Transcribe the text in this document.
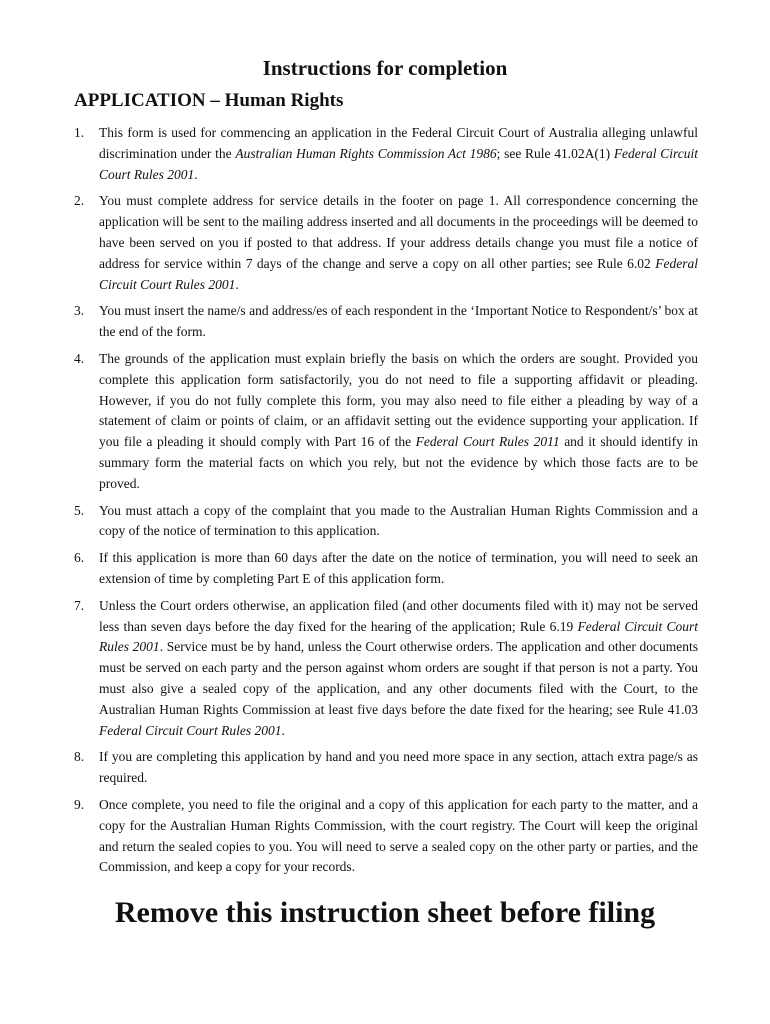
Instructions for completion
APPLICATION – Human Rights
1.	This form is used for commencing an application in the Federal Circuit Court of Australia alleging unlawful discrimination under the Australian Human Rights Commission Act 1986; see Rule 41.02A(1) Federal Circuit Court Rules 2001.
2.	You must complete address for service details in the footer on page 1. All correspondence concerning the application will be sent to the mailing address inserted and all documents in the proceedings will be deemed to have been served on you if posted to that address. If your address details change you must file a notice of address for service within 7 days of the change and serve a copy on all other parties; see Rule 6.02 Federal Circuit Court Rules 2001.
3.	You must insert the name/s and address/es of each respondent in the ‘Important Notice to Respondent/s’ box at the end of the form.
4.	The grounds of the application must explain briefly the basis on which the orders are sought. Provided you complete this application form satisfactorily, you do not need to file a supporting affidavit or pleading. However, if you do not fully complete this form, you may also need to file either a pleading by way of a statement of claim or points of claim, or an affidavit setting out the evidence supporting your application. If you file a pleading it should comply with Part 16 of the Federal Court Rules 2011 and it should identify in summary form the material facts on which you rely, but not the evidence by which those facts are to be proved.
5.	You must attach a copy of the complaint that you made to the Australian Human Rights Commission and a copy of the notice of termination to this application.
6.	If this application is more than 60 days after the date on the notice of termination, you will need to seek an extension of time by completing Part E of this application form.
7.	Unless the Court orders otherwise, an application filed (and other documents filed with it) may not be served less than seven days before the day fixed for the hearing of the application; Rule 6.19 Federal Circuit Court Rules 2001. Service must be by hand, unless the Court otherwise orders. The application and other documents must be served on each party and the person against whom orders are sought if that person is not a party. You must also give a sealed copy of the application, and any other documents filed with the Court, to the Australian Human Rights Commission at least five days before the date fixed for the hearing; see Rule 41.03 Federal Circuit Court Rules 2001.
8.	If you are completing this application by hand and you need more space in any section, attach extra page/s as required.
9.	Once complete, you need to file the original and a copy of this application for each party to the matter, and a copy for the Australian Human Rights Commission, with the court registry. The Court will keep the original and return the sealed copies to you. You will need to serve a sealed copy on the other party or parties, and the Commission, and keep a copy for your records.
Remove this instruction sheet before filing
